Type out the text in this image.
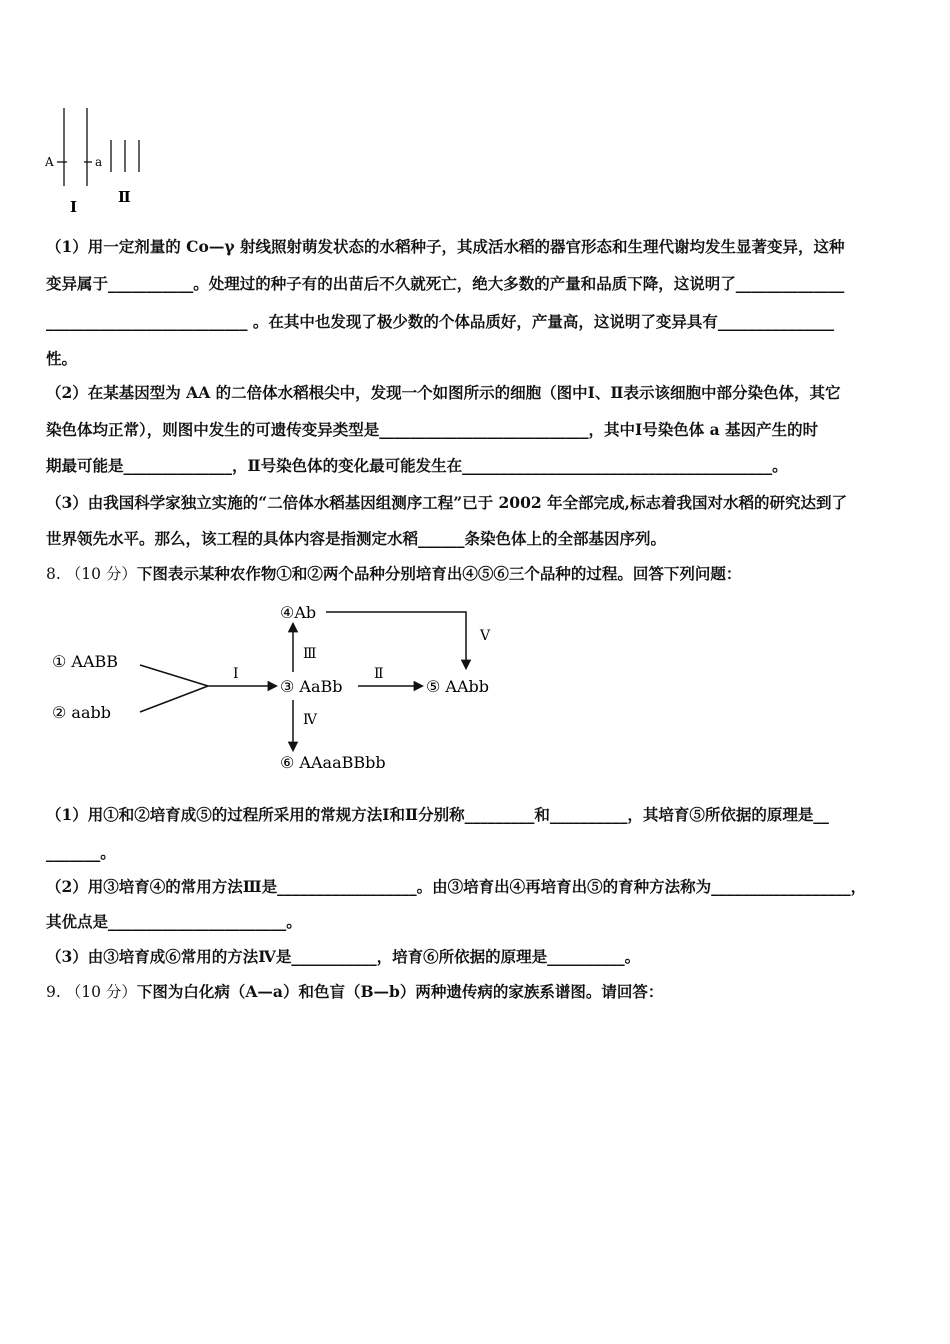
A	a
Ⅰ
Ⅱ
（1）用一定剂量的 Co—γ 射线照射萌发状态的水稻种子，其成活水稻的器官形态和生理代谢均发生显著变异，这种
变异属于___________。处理过的种子有的出苗后不久就死亡，绝大多数的产量和品质下降，这说明了______________
__________________________ 。在其中也发现了极少数的个体品质好，产量高，这说明了变异具有_______________
性。
（2）在某基因型为 AA 的二倍体水稻根尖中，发现一个如图所示的细胞（图中Ⅰ、Ⅱ表示该细胞中部分染色体，其它
染色体均正常），则图中发生的可遗传变异类型是___________________________，其中Ⅰ号染色体 a 基因产生的时
期最可能是______________，Ⅱ号染色体的变化最可能发生在________________________________________。
（3）由我国科学家独立实施的“二倍体水稻基因组测序工程”已于 2002 年全部完成,标志着我国对水稻的研究达到了
世界领先水平。那么，该工程的具体内容是指测定水稻______条染色体上的全部基因序列。
8. （10 分）下图表示某种农作物①和②两个品种分别培育出④⑤⑥三个品种的过程。回答下列问题：
① AABB
② aabb
③ AaBb
④Ab
⑤ AAbb
⑥ AAaaBBbb
Ⅰ	Ⅱ
Ⅲ
Ⅳ
Ⅴ
（1）用①和②培育成⑤的过程所采用的常规方法Ⅰ和Ⅱ分别称_________和__________，其培育⑤所依据的原理是__
_______。
（2）用③培育④的常用方法Ⅲ是__________________。由③培育出④再培育出⑤的育种方法称为__________________，
其优点是_______________________。
（3）由③培育成⑥常用的方法Ⅳ是___________，培育⑥所依据的原理是__________。
9. （10 分）下图为白化病（A—a）和色盲（B—b）两种遗传病的家族系谱图。请回答：
